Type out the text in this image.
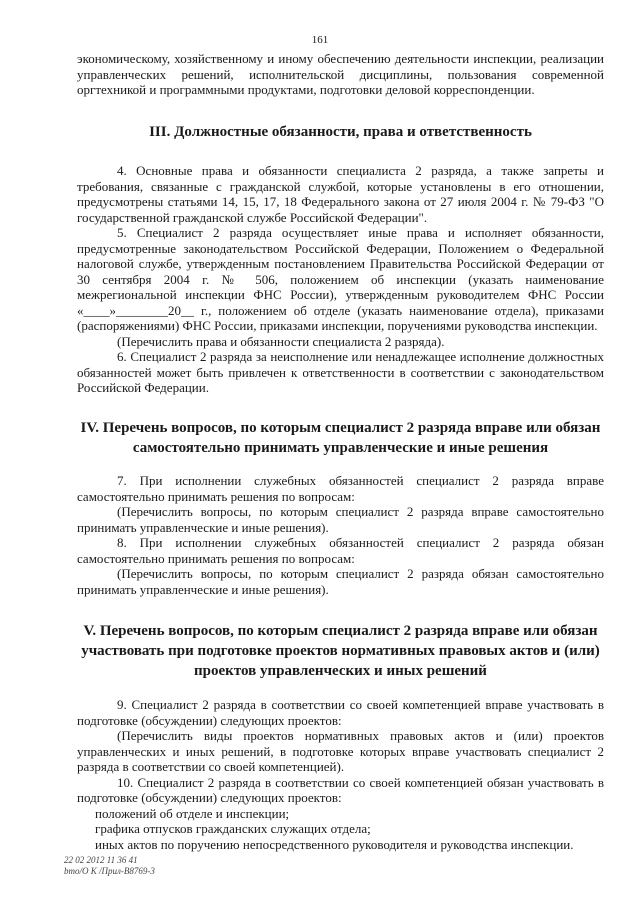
161

экономическому, хозяйственному и иному обеспечению деятельности инспекции, реализации управленческих решений, исполнительской дисциплины, пользования современной оргтехникой и программными продуктами, подготовки деловой корреспонденции.

III. Должностные обязанности, права и ответственность

4. Основные права и обязанности специалиста 2 разряда, а также запреты и требования, связанные с гражданской службой, которые установлены в его отношении, предусмотрены статьями 14, 15, 17, 18 Федерального закона от 27 июля 2004 г. № 79-ФЗ "О государственной гражданской службе Российской Федерации".

5. Специалист 2 разряда осуществляет иные права и исполняет обязанности, предусмотренные законодательством Российской Федерации, Положением о Федеральной налоговой службе, утвержденным постановлением Правительства Российской Федерации от 30 сентября 2004 г. № 506, положением об инспекции (указать наименование межрегиональной инспекции ФНС России), утвержденным руководителем ФНС России «____»________20__ г., положением об отделе (указать наименование отдела), приказами (распоряжениями) ФНС России, приказами инспекции, поручениями руководства инспекции.

(Перечислить права и обязанности специалиста 2 разряда).

6. Специалист 2 разряда за неисполнение или ненадлежащее исполнение должностных обязанностей может быть привлечен к ответственности в соответствии с законодательством Российской Федерации.

IV. Перечень вопросов, по которым специалист 2 разряда вправе или обязан

самостоятельно принимать управленческие и иные решения

7. При исполнении служебных обязанностей специалист 2 разряда вправе самостоятельно принимать решения по вопросам:

(Перечислить вопросы, по которым специалист 2 разряда вправе самостоятельно принимать управленческие и иные решения).

8. При исполнении служебных обязанностей специалист 2 разряда обязан самостоятельно принимать решения по вопросам:

(Перечислить вопросы, по которым специалист 2 разряда обязан самостоятельно принимать управленческие и иные решения).

V. Перечень вопросов, по которым специалист 2 разряда вправе или обязан

участвовать при подготовке проектов нормативных правовых актов и (или)

проектов управленческих и иных решений

9. Специалист 2 разряда в соответствии со своей компетенцией вправе участвовать в подготовке (обсуждении) следующих проектов:

(Перечислить виды проектов нормативных правовых актов и (или) проектов управленческих и иных решений, в подготовке которых вправе участвовать специалист 2 разряда в соответствии со своей компетенцией).

10. Специалист 2 разряда в соответствии со своей компетенцией обязан участвовать в подготовке (обсуждении) следующих проектов:

положений об отделе и инспекции;

графика отпусков гражданских служащих отдела;

иных актов по поручению непосредственного руководителя и руководства инспекции.

22 02 2012 11 36 41
bmo/O K /Прил-В8769-3
